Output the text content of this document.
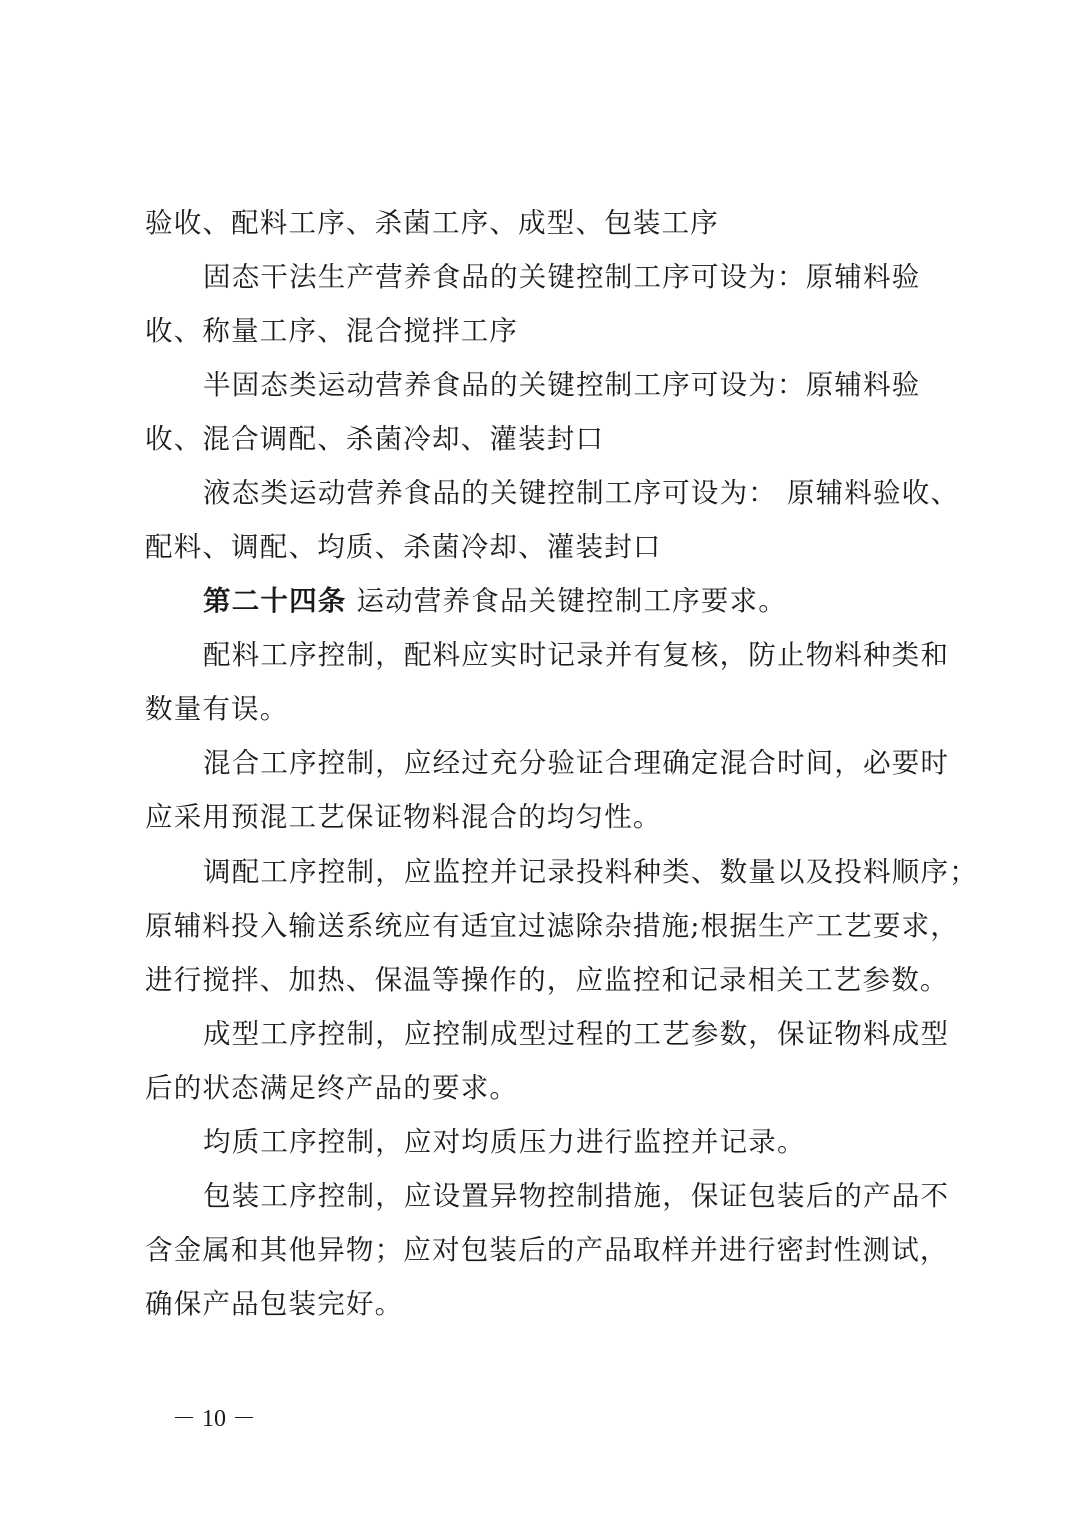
验收、配料工序、杀菌工序、成型、包装工序
固态干法生产营养食品的关键控制工序可设为：原辅料验
收、称量工序、混合搅拌工序
半固态类运动营养食品的关键控制工序可设为：原辅料验
收、混合调配、杀菌冷却、灌装封口
液态类运动营养食品的关键控制工序可设为： 原辅料验收、
配料、调配、均质、杀菌冷却、灌装封口
第二十四条 运动营养食品关键控制工序要求。
配料工序控制，配料应实时记录并有复核，防止物料种类和
数量有误。
混合工序控制，应经过充分验证合理确定混合时间，必要时
应采用预混工艺保证物料混合的均匀性。
调配工序控制，应监控并记录投料种类、数量以及投料顺序；
原辅料投入输送系统应有适宜过滤除杂措施;根据生产工艺要求，
进行搅拌、加热、保温等操作的，应监控和记录相关工艺参数。
成型工序控制，应控制成型过程的工艺参数，保证物料成型
后的状态满足终产品的要求。
均质工序控制，应对均质压力进行监控并记录。
包装工序控制，应设置异物控制措施，保证包装后的产品不
含金属和其他异物；应对包装后的产品取样并进行密封性测试，
确保产品包装完好。
－ 10 －
